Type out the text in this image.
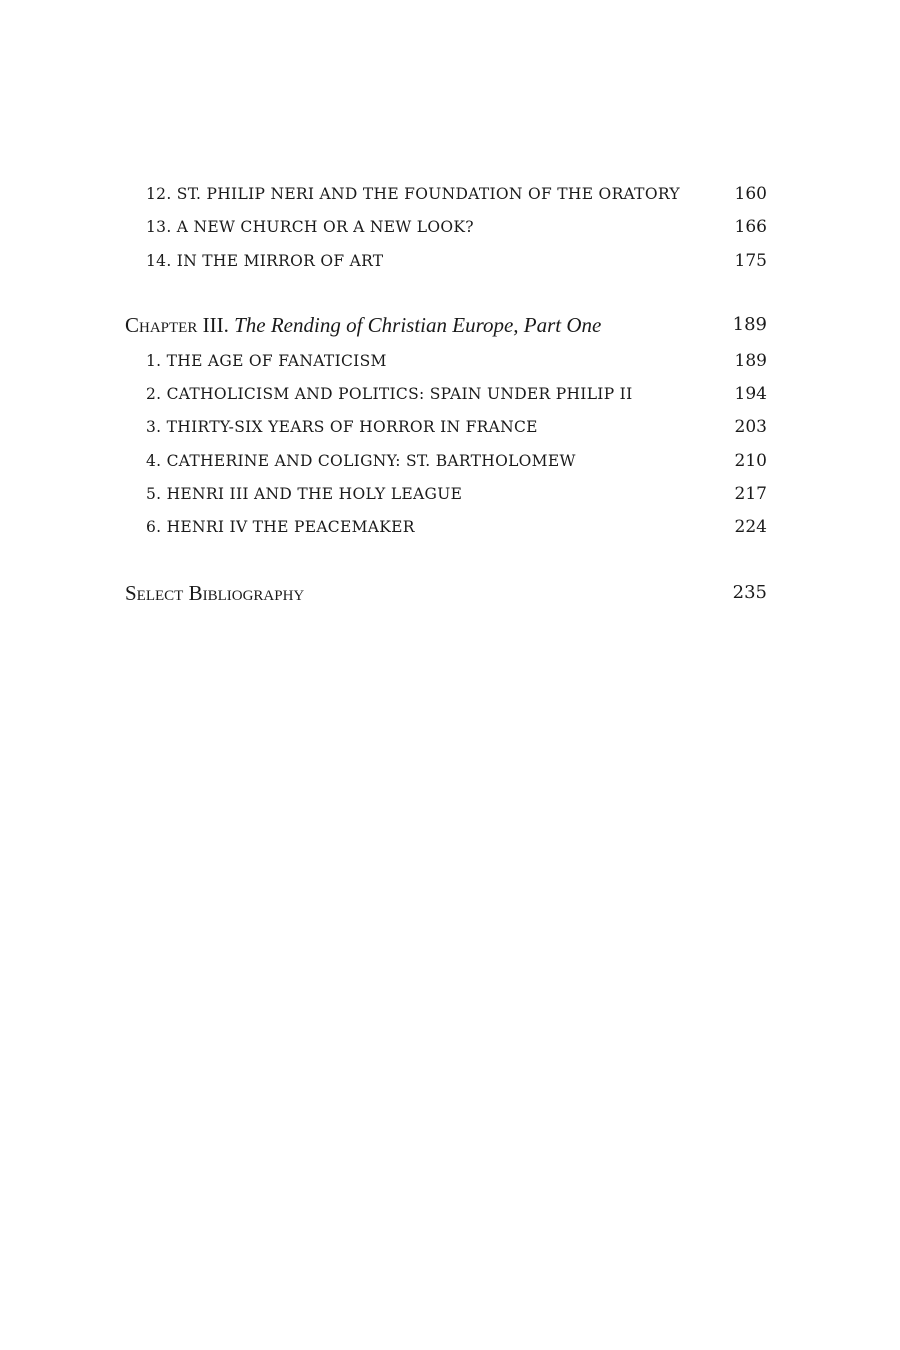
12. ST. PHILIP NERI AND THE FOUNDATION OF THE ORATORY	160
13. A NEW CHURCH OR A NEW LOOK?	166
14. IN THE MIRROR OF ART	175
Chapter III. The Rending of Christian Europe, Part One	189
1. THE AGE OF FANATICISM	189
2. CATHOLICISM AND POLITICS: SPAIN UNDER PHILIP II	194
3. THIRTY-SIX YEARS OF HORROR IN FRANCE	203
4. CATHERINE AND COLIGNY: ST. BARTHOLOMEW	210
5. HENRI III AND THE HOLY LEAGUE	217
6. HENRI IV THE PEACEMAKER	224
Select Bibliography	235
